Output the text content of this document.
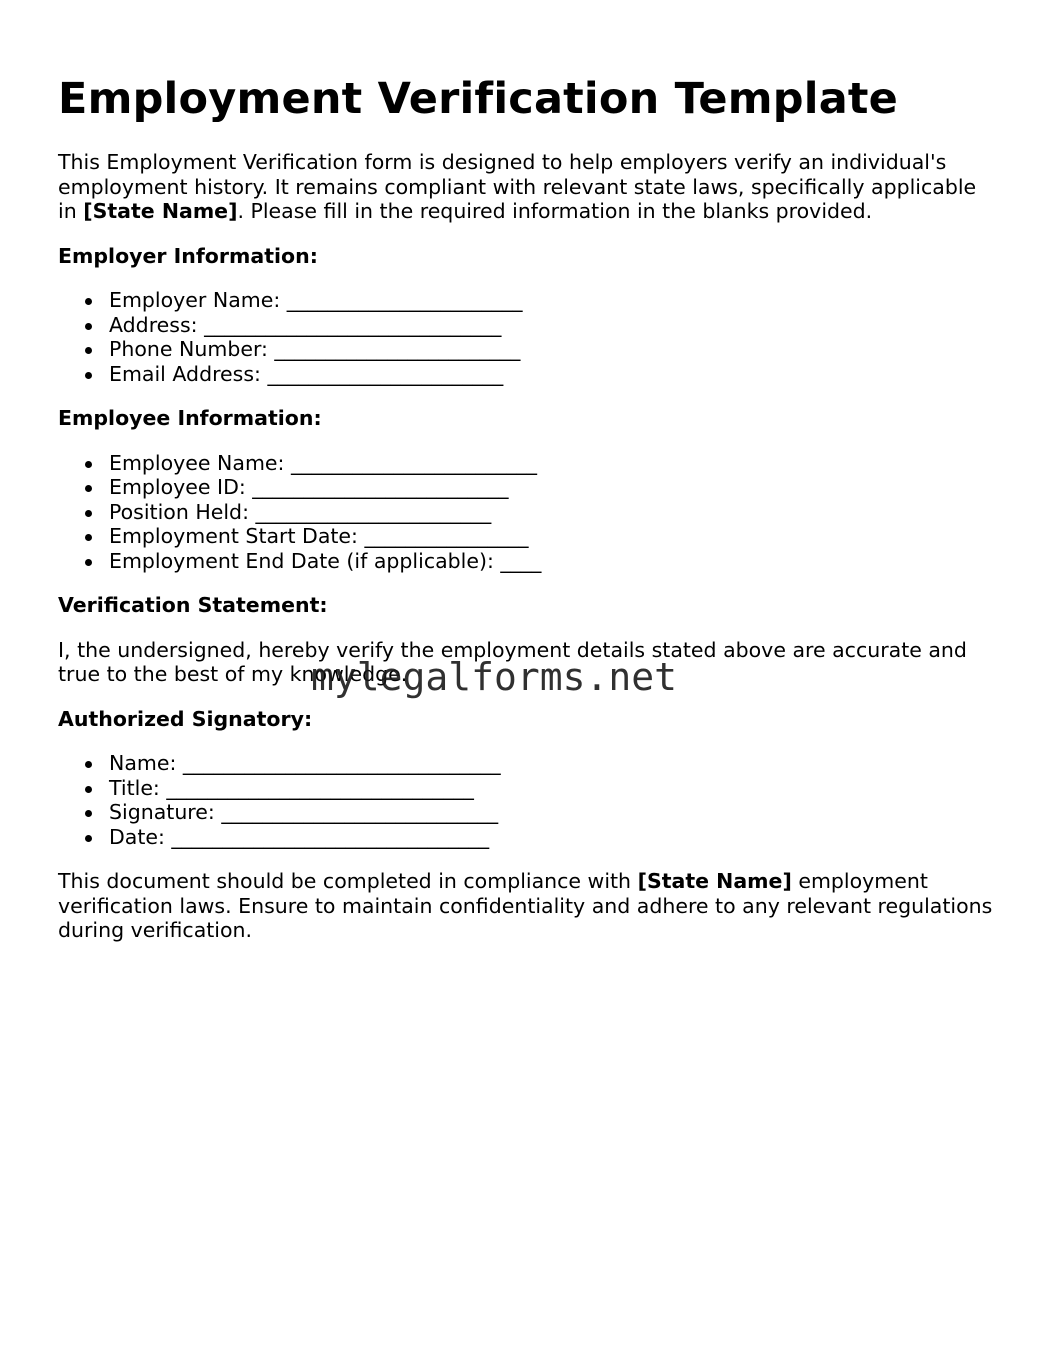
Employment Verification Template

This Employment Verification form is designed to help employers verify an individual's employment history. It remains compliant with relevant state laws, specifically applicable in [State Name]. Please fill in the required information in the blanks provided.

Employer Information:
Employer Name: _______________________
Address: _____________________________
Phone Number: ________________________
Email Address: _______________________
Employee Information:
Employee Name: ________________________
Employee ID: _________________________
Position Held: _______________________
Employment Start Date: ________________
Employment End Date (if applicable): ____
Verification Statement:

I, the undersigned, hereby verify the employment details stated above are accurate and true to the best of my knowledge.

Authorized Signatory:
Name: _______________________________
Title: ______________________________
Signature: ___________________________
Date: _______________________________

This document should be completed in compliance with [State Name] employment verification laws. Ensure to maintain confidentiality and adhere to any relevant regulations during verification.

mylegalforms.net
